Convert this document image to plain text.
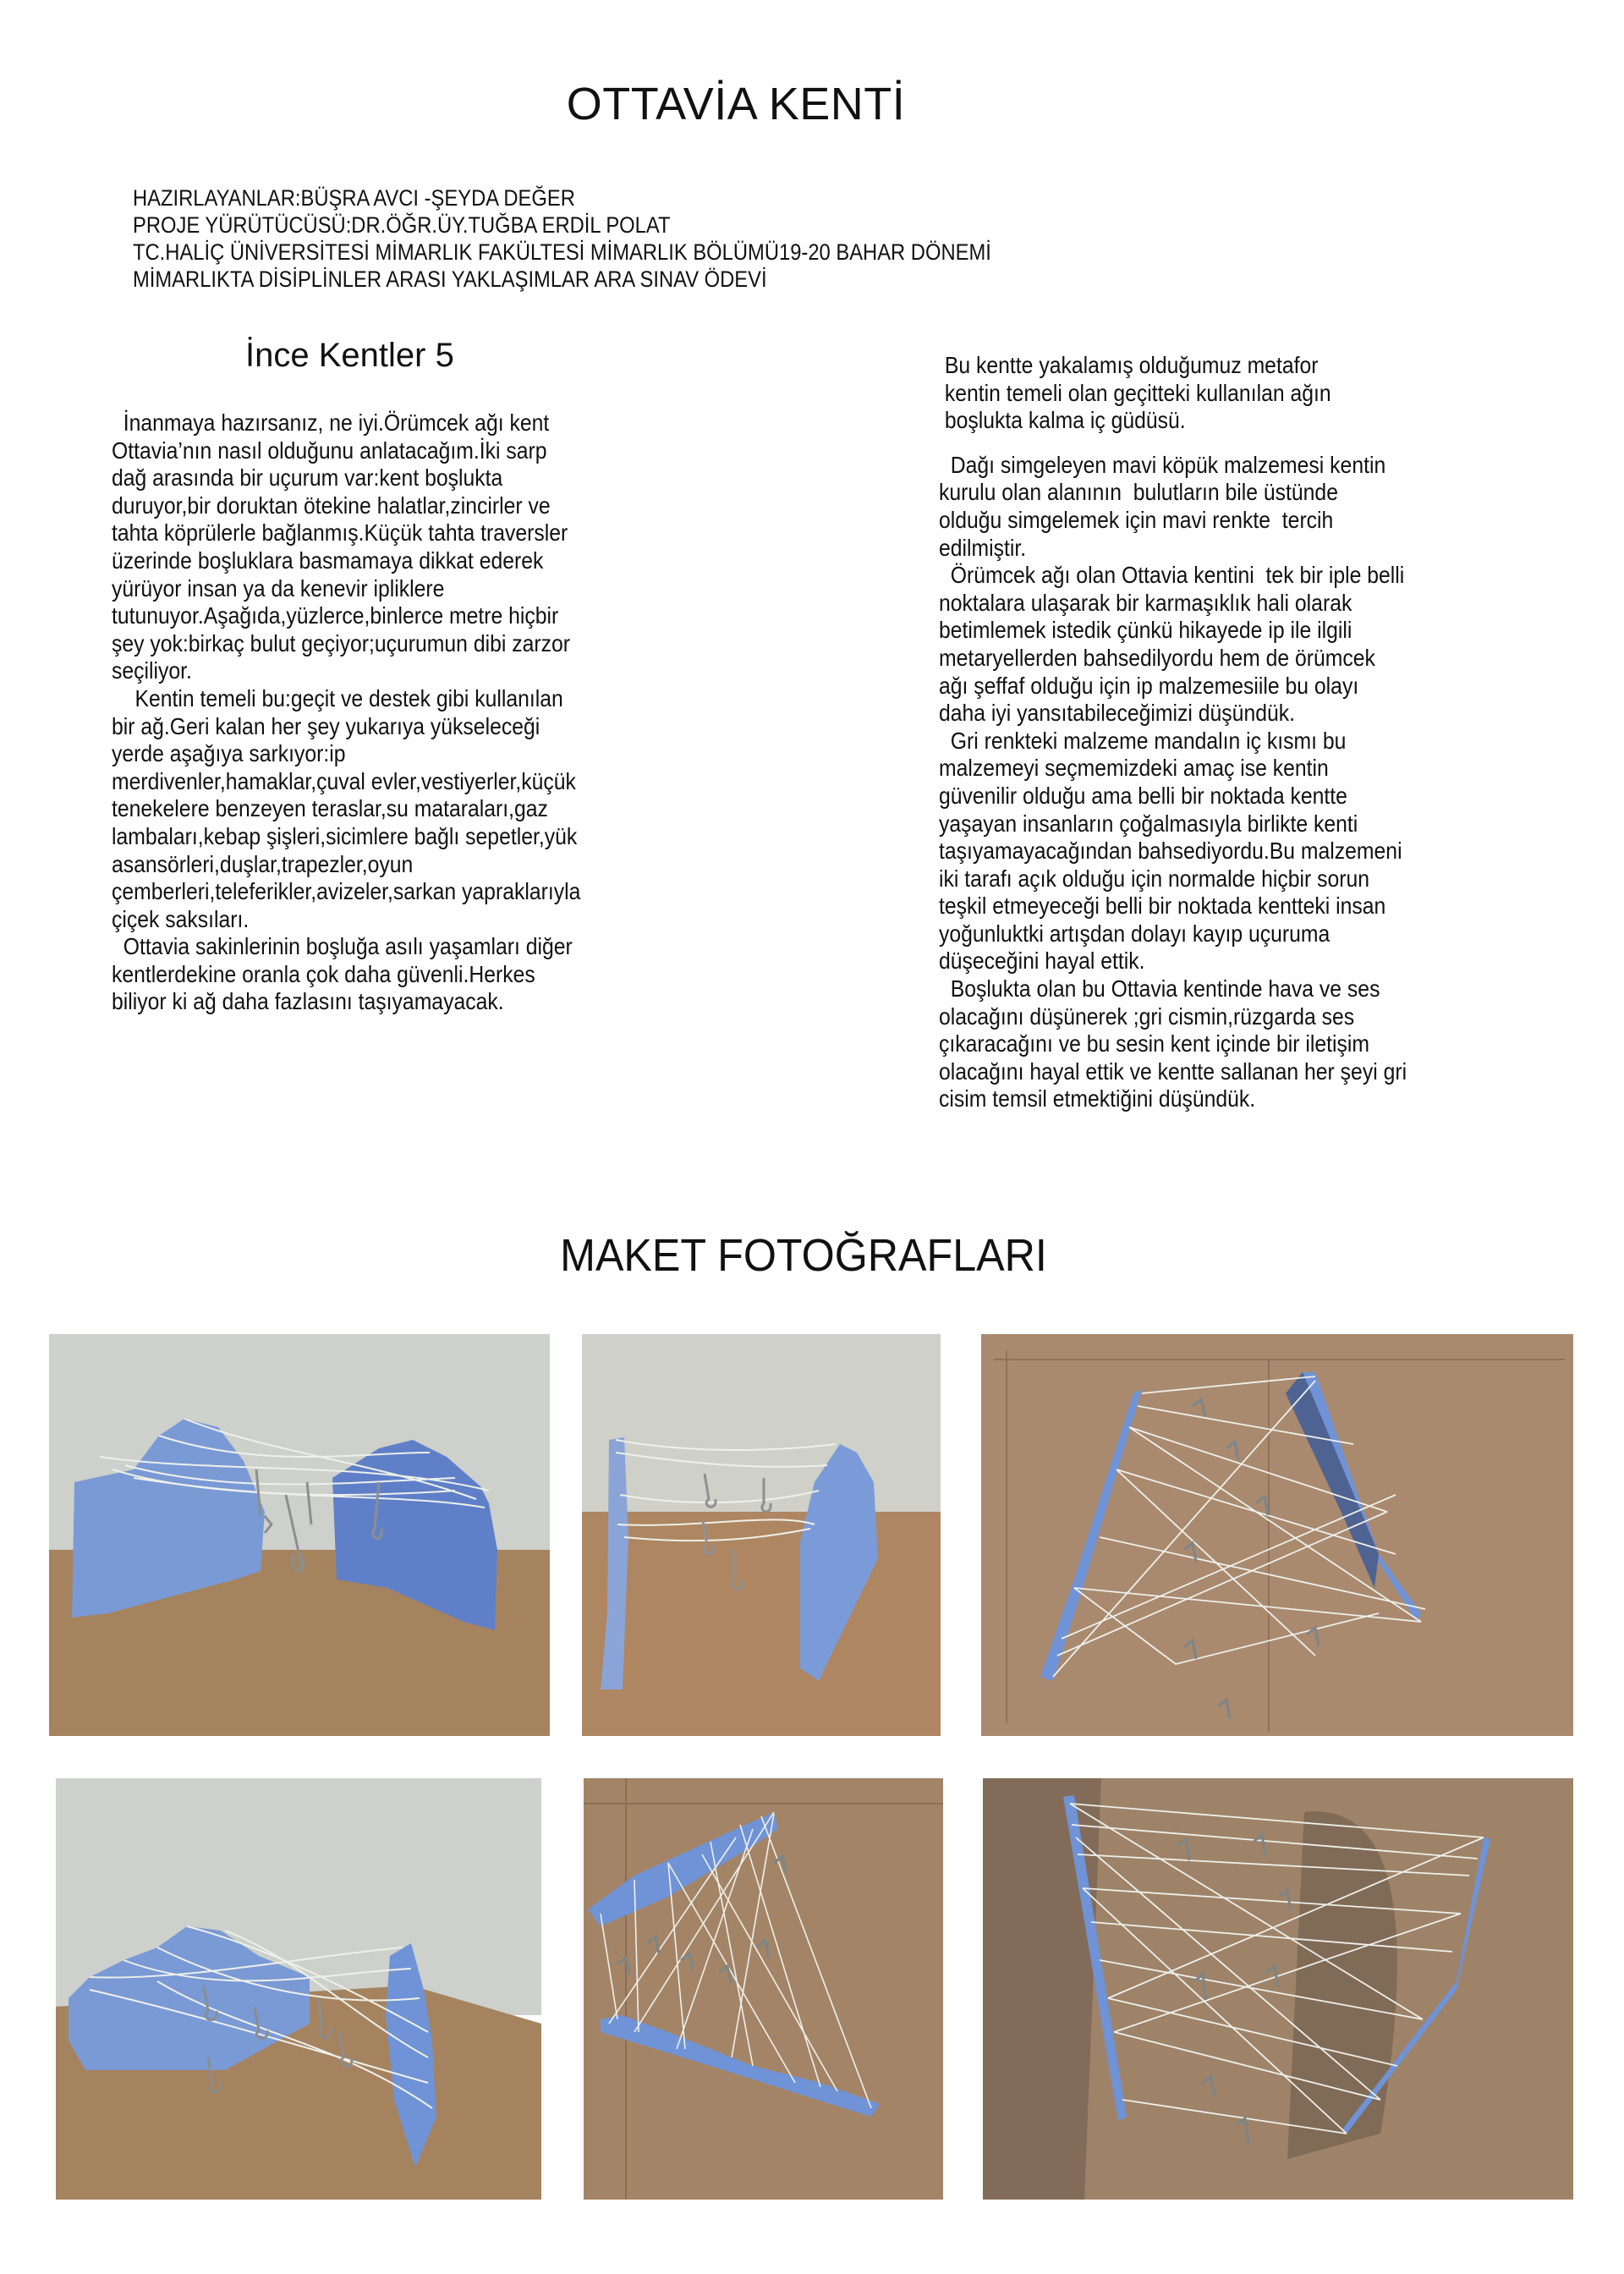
OTTAVİA KENTİ
HAZIRLAYANLAR:BÜŞRA AVCI -ŞEYDA DEĞER
PROJE YÜRÜTÜCÜSÜ:DR.ÖĞR.ÜY.TUĞBA ERDİL POLAT
TC.HALİÇ ÜNİVERSİTESİ MİMARLIK FAKÜLTESİ MİMARLIK BÖLÜMÜ19-20 BAHAR DÖNEMİ
MİMARLIKTA DİSİPLİNLER ARASI YAKLAŞIMLAR ARA SINAV ÖDEVİ
İnce Kentler 5
İnanmaya hazırsanız, ne iyi.Örümcek ağı kent
Ottavia’nın nasıl olduğunu anlatacağım.İki sarp
dağ arasında bir uçurum var:kent boşlukta
duruyor,bir doruktan ötekine halatlar,zincirler ve
tahta köprülerle bağlanmış.Küçük tahta traversler
üzerinde boşluklara basmamaya dikkat ederek
yürüyor insan ya da kenevir ipliklere
tutunuyor.Aşağıda,yüzlerce,binlerce metre hiçbir
şey yok:birkaç bulut geçiyor;uçurumun dibi zarzor
seçiliyor.
Kentin temeli bu:geçit ve destek gibi kullanılan
bir ağ.Geri kalan her şey yukarıya yükseleceği
yerde aşağıya sarkıyor:ip
merdivenler,hamaklar,çuval evler,vestiyerler,küçük
tenekelere benzeyen teraslar,su mataraları,gaz
lambaları,kebap şişleri,sicimlere bağlı sepetler,yük
asansörleri,duşlar,trapezler,oyun
çemberleri,teleferikler,avizeler,sarkan yapraklarıyla
çiçek saksıları.
Ottavia sakinlerinin boşluğa asılı yaşamları diğer
kentlerdekine oranla çok daha güvenli.Herkes
biliyor ki ağ daha fazlasını taşıyamayacak.
Bu kentte yakalamış olduğumuz metafor
kentin temeli olan geçitteki kullanılan ağın
boşlukta kalma iç güdüsü.
Dağı simgeleyen mavi köpük malzemesi kentin
kurulu olan alanının  bulutların bile üstünde
olduğu simgelemek için mavi renkte  tercih
edilmiştir.
Örümcek ağı olan Ottavia kentini  tek bir iple belli
noktalara ulaşarak bir karmaşıklık hali olarak
betimlemek istedik çünkü hikayede ip ile ilgili
metaryellerden bahsedilyordu hem de örümcek
ağı şeffaf olduğu için ip malzemesiile bu olayı
daha iyi yansıtabileceğimizi düşündük.
Gri renkteki malzeme mandalın iç kısmı bu
malzemeyi seçmemizdeki amaç ise kentin
güvenilir olduğu ama belli bir noktada kentte
yaşayan insanların çoğalmasıyla birlikte kenti
taşıyamayacağından bahsediyordu.Bu malzemeni
iki tarafı açık olduğu için normalde hiçbir sorun
teşkil etmeyeceği belli bir noktada kentteki insan
yoğunluktki artışdan dolayı kayıp uçuruma
düşeceğini hayal ettik.
Boşlukta olan bu Ottavia kentinde hava ve ses
olacağını düşünerek ;gri cismin,rüzgarda ses
çıkaracağını ve bu sesin kent içinde bir iletişim
olacağını hayal ettik ve kentte sallanan her şeyi gri
cisim temsil etmektiğini düşündük.
MAKET FOTOĞRAFLARI
